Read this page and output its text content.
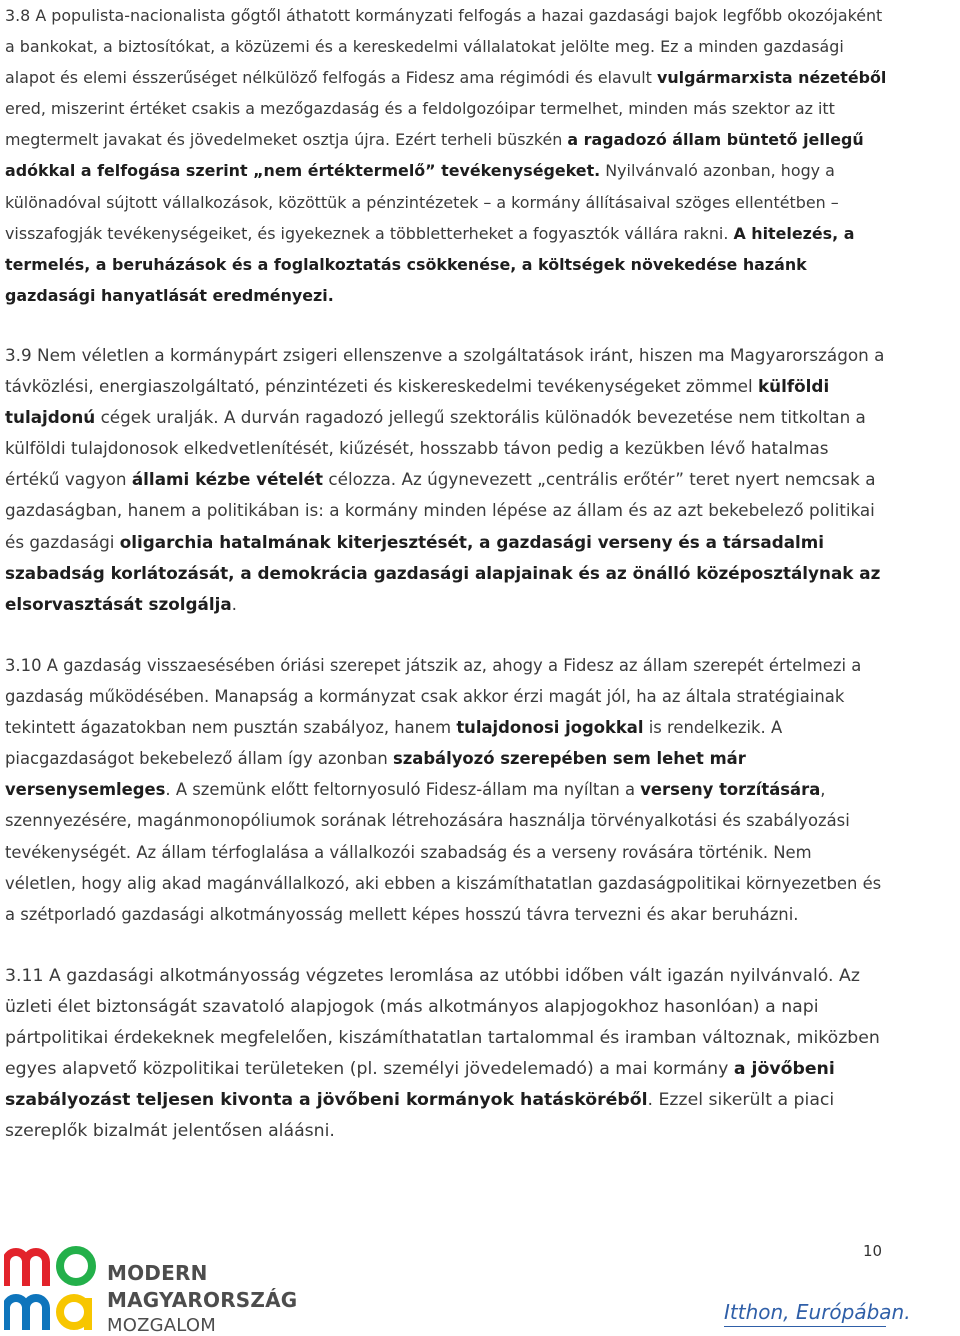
3.8 A populista-nacionalista gőgtől áthatott kormányzati felfogás a hazai gazdasági bajok legfőbb okozójaként a bankokat, a biztosítókat, a közüzemi és a kereskedelmi vállalatokat jelölte meg. Ez a minden gazdasági alapot és elemi ésszerűséget nélkülöző felfogás a Fidesz ama régimódi és elavult vulgármarxista nézetéből ered, miszerint értéket csakis a mezőgazdaság és a feldolgozóipar termelhet, minden más szektor az itt megtermelt javakat és jövedelmeket osztja újra. Ezért terheli büszkén a ragadozó állam büntető jellegű adókkal a felfogása szerint „nem értéktermelő” tevékenységeket. Nyilvánvaló azonban, hogy a különadóval sújtott vállalkozások, közöttük a pénzintézetek – a kormány állításaival szöges ellentétben – visszafogják tevékenységeiket, és igyekeznek a többletterheket a fogyasztók vállára rakni. A hitelezés, a termelés, a beruházások és a foglalkoztatás csökkenése, a költségek növekedése hazánk gazdasági hanyatlását eredményezi.

3.9 Nem véletlen a kormánypárt zsigeri ellenszenve a szolgáltatások iránt, hiszen ma Magyarországon a távközlési, energiaszolgáltató, pénzintézeti és kiskereskedelmi tevékenységeket zömmel külföldi tulajdonú cégek uralják. A durván ragadozó jellegű szektorális különadók bevezetése nem titkoltan a külföldi tulajdonosok elkedvetlenítését, kiűzését, hosszabb távon pedig a kezükben lévő hatalmas értékű vagyon állami kézbe vételét célozza. Az úgynevezett „centrális erőtér” teret nyert nemcsak a gazdaságban, hanem a politikában is: a kormány minden lépése az állam és az azt bekebelező politikai és gazdasági oligarchia hatalmának kiterjesztését, a gazdasági verseny és a társadalmi szabadság korlátozását, a demokrácia gazdasági alapjainak és az önálló középosztálynak az elsorvasztását szolgálja.

3.10 A gazdaság visszaesésében óriási szerepet játszik az, ahogy a Fidesz az állam szerepét értelmezi a gazdaság működésében. Manapság a kormányzat csak akkor érzi magát jól, ha az általa stratégiainak tekintett ágazatokban nem pusztán szabályoz, hanem tulajdonosi jogokkal is rendelkezik. A piacgazdaságot bekebelező állam így azonban szabályozó szerepében sem lehet már versenysemleges. A szemünk előtt feltornyosuló Fidesz-állam ma nyíltan a verseny torzítására, szennyezésére, magánmonopóliumok sorának létrehozására használja törvényalkotási és szabályozási tevékenységét. Az állam térfoglalása a vállalkozói szabadság és a verseny rovására történik. Nem véletlen, hogy alig akad magánvállalkozó, aki ebben a kiszámíthatatlan gazdaságpolitikai környezetben és a szétporladó gazdasági alkotmányosság mellett képes hosszú távra tervezni és akar beruházni.

3.11 A gazdasági alkotmányosság végzetes leromlása az utóbbi időben vált igazán nyilvánvaló. Az üzleti élet biztonságát szavatoló alapjogok (más alkotmányos alapjogokhoz hasonlóan) a napi pártpolitikai érdekeknek megfelelően, kiszámíthatatlan tartalommal és iramban változnak, miközben egyes alapvető közpolitikai területeken (pl. személyi jövedelemadó) a mai kormány a jövőbeni szabályozást teljesen kivonta a jövőbeni kormányok hatásköréből. Ezzel sikerült a piaci szereplők bizalmát jelentősen aláásni.

10
MODERN
MAGYARORSZÁG
MOZGALOM
Itthon, Európában.
